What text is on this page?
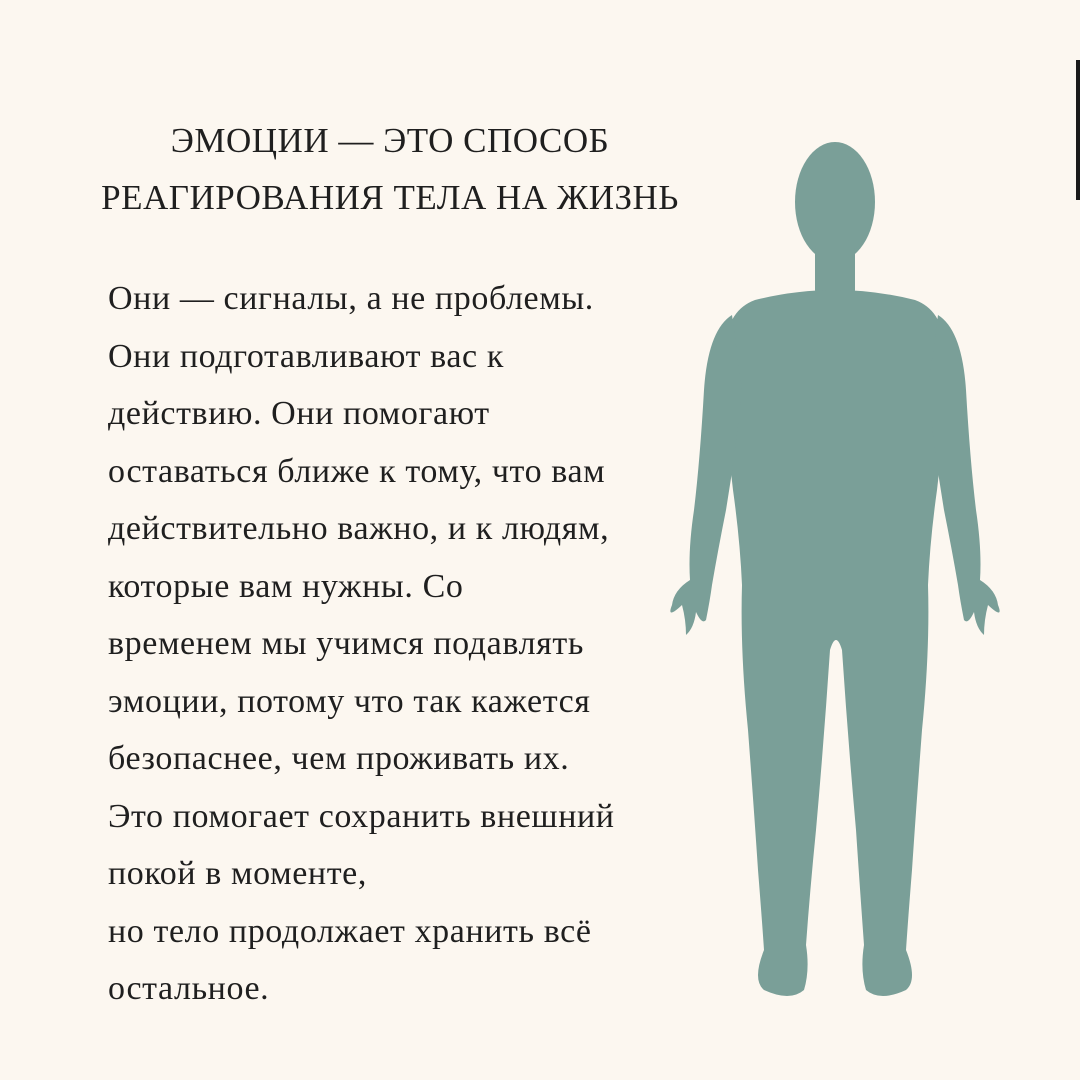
ЭМОЦИИ — ЭТО СПОСОБ
РЕАГИРОВАНИЯ ТЕЛА НА ЖИЗНЬ
Они — сигналы, а не проблемы.
Они подготавливают вас к
действию. Они помогают
оставаться ближе к тому, что вам
действительно важно, и к людям,
которые вам нужны. Со
временем мы учимся подавлять
эмоции, потому что так кажется
безопаснее, чем проживать их.
Это помогает сохранить внешний
покой в моменте,
но тело продолжает хранить всё
остальное.
